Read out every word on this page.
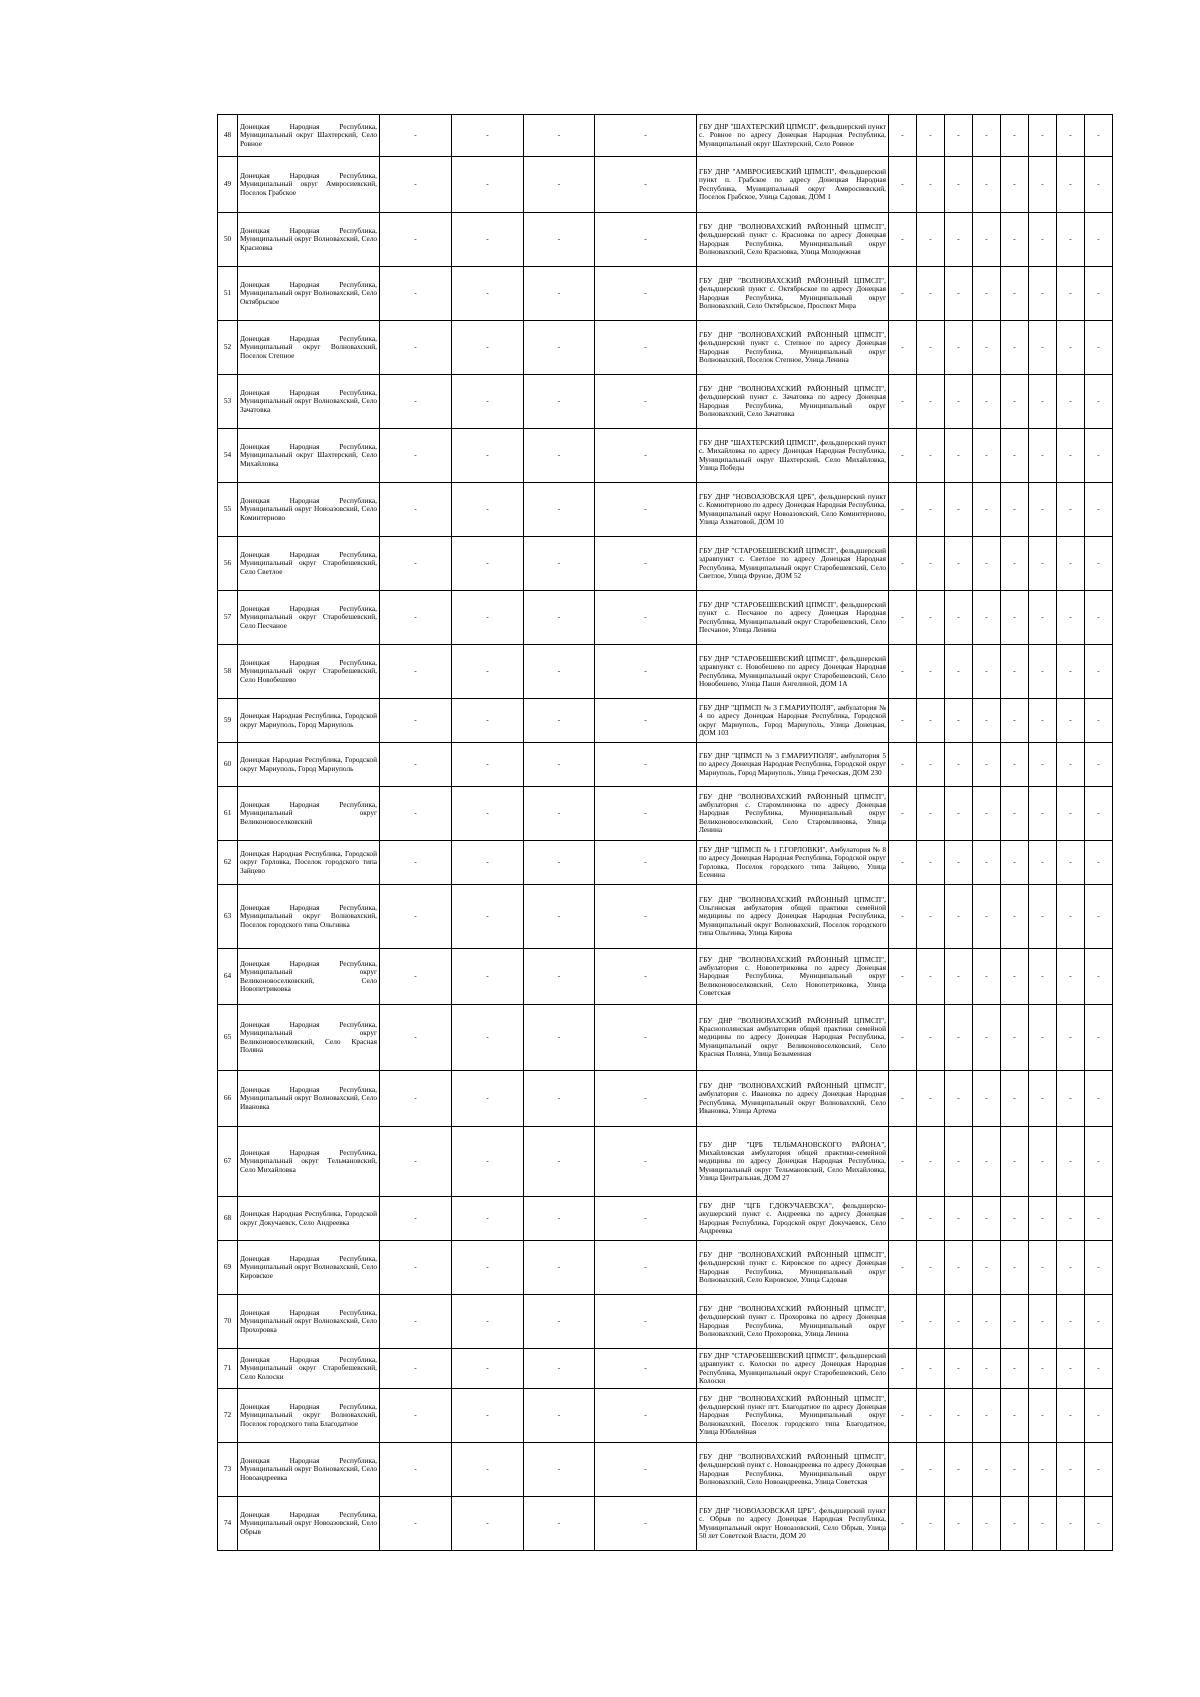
48	Донецкая Народная Республика, Муниципальный округ Шахтерский, Село Ровное	-	-	-	-	ГБУ ДНР "ШАХТЕРСКИЙ ЦПМСП", фельдшерский пункт с. Ровное по адресу Донецкая Народная Республика, Муниципальный округ Шахтерский, Село Ровное	-	-	-	-	-	-	-	-
49	Донецкая Народная Республика, Муниципальный округ Амвросиевский, Поселок Грабское	-	-	-	-	ГБУ ДНР "АМВРОСИЕВСКИЙ ЦПМСП", Фельдшерский пункт п. Грабское по адресу Донецкая Народная Республика, Муниципальный округ Амвросиевский, Поселок Грабское, Улица Садовая, ДОМ 1	-	-	-	-	-	-	-	-
50	Донецкая Народная Республика, Муниципальный округ Волновахский, Село Красновка	-	-	-	-	ГБУ ДНР "ВОЛНОВАХСКИЙ РАЙОННЫЙ ЦПМСП", фельдшерский пункт с. Красновка по адресу Донецкая Народная Республика, Муниципальный округ Волновахский, Село Красновка, Улица Молодежная	-	-	-	-	-	-	-	-
51	Донецкая Народная Республика, Муниципальный округ Волновахский, Село Октябрьское	-	-	-	-	ГБУ ДНР "ВОЛНОВАХСКИЙ РАЙОННЫЙ ЦПМСП", фельдшерский пункт с. Октябрьское по адресу Донецкая Народная Республика, Муниципальный округ Волновахский, Село Октябрьское, Проспект Мира	-	-	-	-	-	-	-	-
52	Донецкая Народная Республика, Муниципальный округ Волновахский, Поселок Степное	-	-	-	-	ГБУ ДНР "ВОЛНОВАХСКИЙ РАЙОННЫЙ ЦПМСП", фельдшерский пункт с. Степное по адресу Донецкая Народная Республика, Муниципальный округ Волновахский, Поселок Степное, Улица Ленина	-	-	-	-	-	-	-	-
53	Донецкая Народная Республика, Муниципальный округ Волновахский, Село Зачатовка	-	-	-	-	ГБУ ДНР "ВОЛНОВАХСКИЙ РАЙОННЫЙ ЦПМСП", фельдшерский пункт с. Зачатовка по адресу Донецкая Народная Республика, Муниципальный округ Волновахский, Село Зачатовка	-	-	-	-	-	-	-	-
54	Донецкая Народная Республика, Муниципальный округ Шахтерский, Село Михайловка	-	-	-	-	ГБУ ДНР "ШАХТЕРСКИЙ ЦПМСП", фельдшерский пункт с. Михайловка по адресу Донецкая Народная Республика, Муниципальный округ Шахтерский, Село Михайловка, Улица Победы	-	-	-	-	-	-	-	-
55	Донецкая Народная Республика, Муниципальный округ Новоазовский, Село Коминтерново	-	-	-	-	ГБУ ДНР "НОВОАЗОВСКАЯ ЦРБ", фельдшерский пункт с. Коминтерново по адресу Донецкая Народная Республика, Муниципальный округ Новоазовский, Село Коминтерново, Улица Ахматовой, ДОМ 10	-	-	-	-	-	-	-	-
56	Донецкая Народная Республика, Муниципальный округ Старобешевский, Село Светлое	-	-	-	-	ГБУ ДНР "СТАРОБЕШЕВСКИЙ ЦПМСП", фельдшерский здравпункт с. Светлое по адресу Донецкая Народная Республика, Муниципальный округ Старобешевский, Село Светлое, Улица Фрунзе, ДОМ 52	-	-	-	-	-	-	-	-
57	Донецкая Народная Республика, Муниципальный округ Старобешевский, Село Песчаное	-	-	-	-	ГБУ ДНР "СТАРОБЕШЕВСКИЙ ЦПМСП", фельдшерский пункт с. Песчаное по адресу Донецкая Народная Республика, Муниципальный округ Старобешевский, Село Песчаное, Улица Ленина	-	-	-	-	-	-	-	-
58	Донецкая Народная Республика, Муниципальный округ Старобешевский, Село Новобешево	-	-	-	-	ГБУ ДНР "СТАРОБЕШЕВСКИЙ ЦПМСП", фельдшерский здравпункт с. Новобешево по адресу Донецкая Народная Республика, Муниципальный округ Старобешевский, Село Новобешево, Улица Паши Ангелиной, ДОМ 1А	-	-	-	-	-	-	-	-
59	Донецкая Народная Республика, Городской округ Мариуполь, Город Мариуполь	-	-	-	-	ГБУ ДНР "ЦПМСП № 3 Г.МАРИУПОЛЯ", амбулатория № 4 по адресу Донецкая Народная Республика, Городской округ Мариуполь, Город Мариуполь, Улица Донецкая, ДОМ 103	-	-	-	-	-	-	-	-
60	Донецкая Народная Республика, Городской округ Мариуполь, Город Мариуполь	-	-	-	-	ГБУ ДНР "ЦПМСП № 3 Г.МАРИУПОЛЯ", амбулатория 5 по адресу Донецкая Народная Республика, Городской округ Мариуполь, Город Мариуполь, Улица Греческая, ДОМ 230	-	-	-	-	-	-	-	-
61	Донецкая Народная Республика, Муниципальный округ Великоновоселковский	-	-	-	-	ГБУ ДНР "ВОЛНОВАХСКИЙ РАЙОННЫЙ ЦПМСП", амбулатория с. Старомлиновка по адресу Донецкая Народная Республика, Муниципальный округ Великоновоселковский, Село Старомлиновка, Улица Ленина	-	-	-	-	-	-	-	-
62	Донецкая Народная Республика, Городской округ Горловка, Поселок городского типа Зайцево	-	-	-	-	ГБУ ДНР "ЦПМСП № 1 Г.ГОРЛОВКИ", Амбулатория № 8 по адресу Донецкая Народная Республика, Городской округ Горловка, Поселок городского типа Зайцево, Улица Есенина	-	-	-	-	-	-	-	-
63	Донецкая Народная Республика, Муниципальный округ Волновахский, Поселок городского типа Ольгинка	-	-	-	-	ГБУ ДНР "ВОЛНОВАХСКИЙ РАЙОННЫЙ ЦПМСП", Ольгинская амбулатория общей практики семейной медицины по адресу Донецкая Народная Республика, Муниципальный округ Волновахский, Поселок городского типа Ольгинка, Улица Кирова	-	-	-	-	-	-	-	-
64	Донецкая Народная Республика, Муниципальный округ Великоновоселковский, Село Новопетриковка	-	-	-	-	ГБУ ДНР "ВОЛНОВАХСКИЙ РАЙОННЫЙ ЦПМСП", амбулатория с. Новопетриковка по адресу Донецкая Народная Республика, Муниципальный округ Великоновоселковский, Село Новопетриковка, Улица Советская	-	-	-	-	-	-	-	-
65	Донецкая Народная Республика, Муниципальный округ Великоновоселковский, Село Красная Поляна	-	-	-	-	ГБУ ДНР "ВОЛНОВАХСКИЙ РАЙОННЫЙ ЦПМСП", Краснополянская амбулатория общей практики семейной медицины по адресу Донецкая Народная Республика, Муниципальный округ Великоновоселковский, Село Красная Поляна, Улица Безыменная	-	-	-	-	-	-	-	-
66	Донецкая Народная Республика, Муниципальный округ Волновахский, Село Ивановка	-	-	-	-	ГБУ ДНР "ВОЛНОВАХСКИЙ РАЙОННЫЙ ЦПМСП", амбулатория с. Ивановка по адресу Донецкая Народная Республика, Муниципальный округ Волновахский, Село Ивановка, Улица Артема	-	-	-	-	-	-	-	-
67	Донецкая Народная Республика, Муниципальный округ Тельмановский, Село Михайловка	-	-	-	-	ГБУ ДНР "ЦРБ ТЕЛЬМАНОВСКОГО РАЙОНА", Михайловская амбулатория общей практики-семейной медицины по адресу Донецкая Народная Республика, Муниципальный округ Тельмановский, Село Михайловка, Улица Центральная, ДОМ 27	-	-	-	-	-	-	-	-
68	Донецкая Народная Республика, Городской округ Докучаевск, Село Андреевка	-	-	-	-	ГБУ ДНР "ЦГБ Г.ДОКУЧАЕВСКА", фельдшерско-акушерский пункт с. Андреевка по адресу Донецкая Народная Республика, Городской округ Докучаевск, Село Андреевка	-	-	-	-	-	-	-	-
69	Донецкая Народная Республика, Муниципальный округ Волновахский, Село Кировское	-	-	-	-	ГБУ ДНР "ВОЛНОВАХСКИЙ РАЙОННЫЙ ЦПМСП", фельдшерский пункт с. Кировское по адресу Донецкая Народная Республика, Муниципальный округ Волновахский, Село Кировское, Улица Садовая	-	-	-	-	-	-	-	-
70	Донецкая Народная Республика, Муниципальный округ Волновахский, Село Прохоровка	-	-	-	-	ГБУ ДНР "ВОЛНОВАХСКИЙ РАЙОННЫЙ ЦПМСП", фельдшерский пункт с. Прохоровка по адресу Донецкая Народная Республика, Муниципальный округ Волновахский, Село Прохоровка, Улица Ленина	-	-	-	-	-	-	-	-
71	Донецкая Народная Республика, Муниципальный округ Старобешевский, Село Колоски	-	-	-	-	ГБУ ДНР "СТАРОБЕШЕВСКИЙ ЦПМСП", фельдшерский здравпункт с. Колоски по адресу Донецкая Народная Республика, Муниципальный округ Старобешевский, Село Колоски	-	-	-	-	-	-	-	-
72	Донецкая Народная Республика, Муниципальный округ Волновахский, Поселок городского типа Благодатное	-	-	-	-	ГБУ ДНР "ВОЛНОВАХСКИЙ РАЙОННЫЙ ЦПМСП", фельдшерский пункт пгт. Благодатное по адресу Донецкая Народная Республика, Муниципальный округ Волновахский, Поселок городского типа Благодатное, Улица Юбилейная	-	-	-	-	-	-	-	-
73	Донецкая Народная Республика, Муниципальный округ Волновахский, Село Новоандреевка	-	-	-	-	ГБУ ДНР "ВОЛНОВАХСКИЙ РАЙОННЫЙ ЦПМСП", фельдшерский пункт с. Новоандреевка по адресу Донецкая Народная Республика, Муниципальный округ Волновахский, Село Новоандреевка, Улица Советская	-	-	-	-	-	-	-	-
74	Донецкая Народная Республика, Муниципальный округ Новоазовский, Село Обрыв	-	-	-	-	ГБУ ДНР "НОВОАЗОВСКАЯ ЦРБ", фельдшерский пункт с. Обрыв по адресу Донецкая Народная Республика, Муниципальный округ Новоазовский, Село Обрыв, Улица 50 лет Советской Власти, ДОМ 20	-	-	-	-	-	-	-	-
